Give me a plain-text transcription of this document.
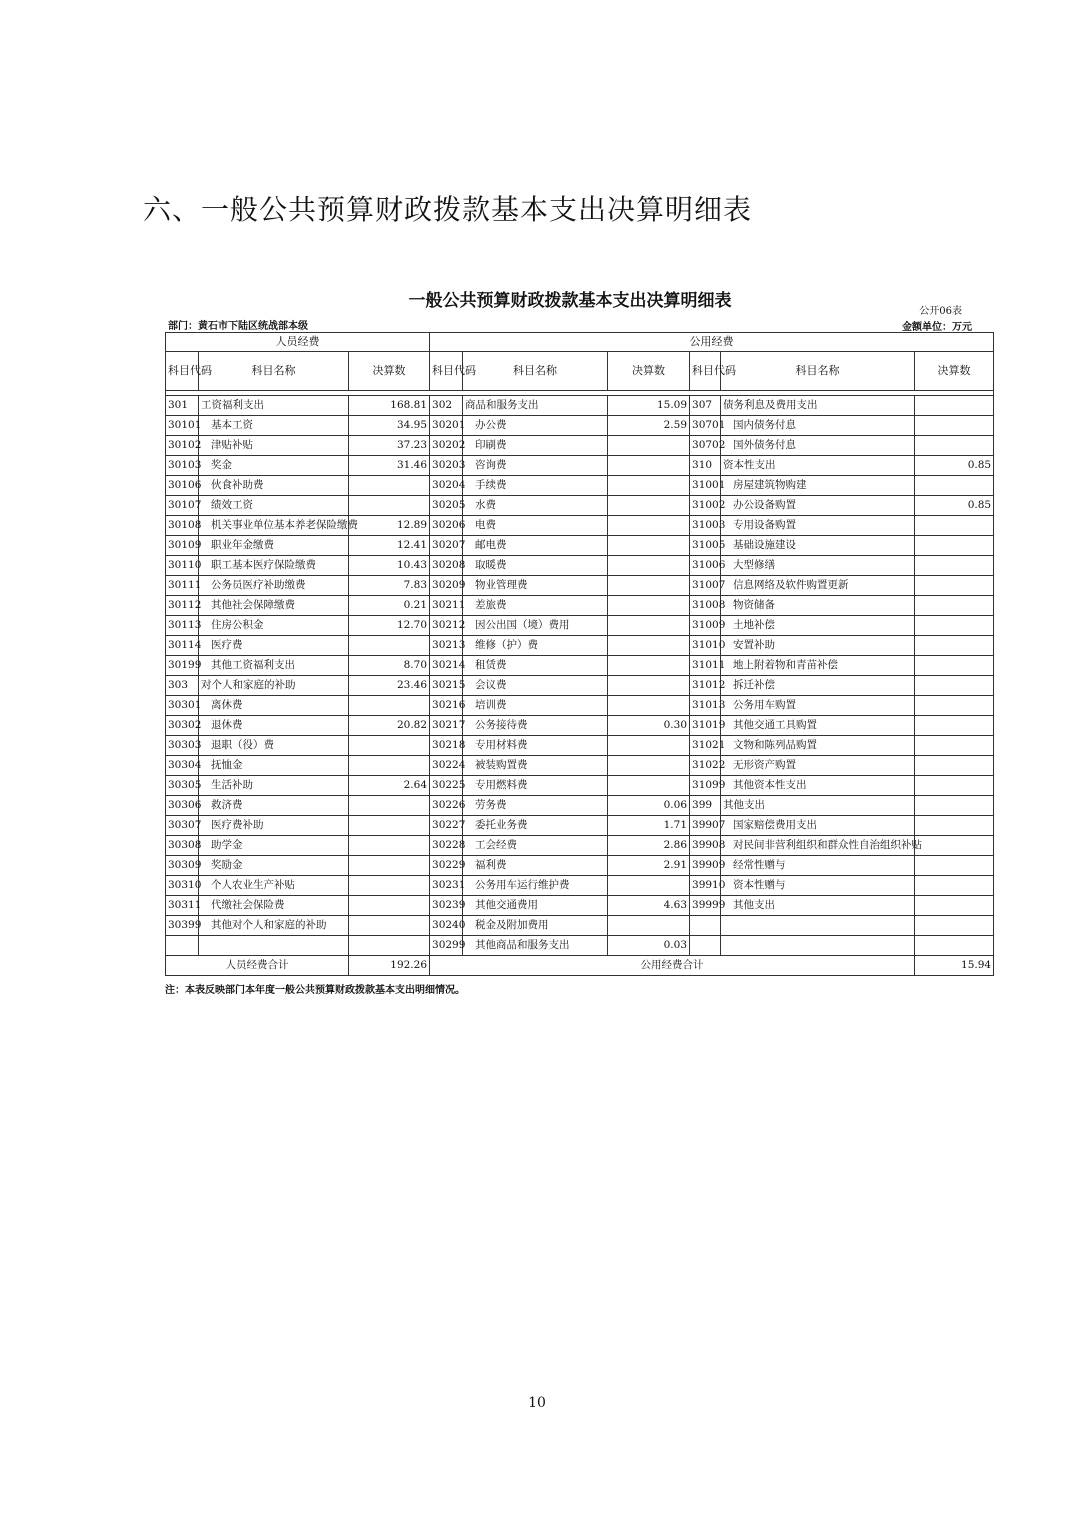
六、一般公共预算财政拨款基本支出决算明细表
一般公共预算财政拨款基本支出决算明细表
公开06表
部门：黄石市下陆区统战部本级	金额单位：万元
人员经费			公用经费					
科目代码	科目名称	决算数	科目代码	科目名称	决算数	科目代码	科目名称	决算数

301	工资福利支出	168.81	302	商品和服务支出	15.09	307	债务利息及费用支出	
30101	基本工资	34.95	30201	办公费	2.59	30701	国内债务付息	
30102	津贴补贴	37.23	30202	印刷费		30702	国外债务付息	
30103	奖金	31.46	30203	咨询费		310	资本性支出	0.85
30106	伙食补助费		30204	手续费		31001	房屋建筑物购建	
30107	绩效工资		30205	水费		31002	办公设备购置	0.85
30108	机关事业单位基本养老保险缴费	12.89	30206	电费		31003	专用设备购置	
30109	职业年金缴费	12.41	30207	邮电费		31005	基础设施建设	
30110	职工基本医疗保险缴费	10.43	30208	取暖费		31006	大型修缮	
30111	公务员医疗补助缴费	7.83	30209	物业管理费		31007	信息网络及软件购置更新	
30112	其他社会保障缴费	0.21	30211	差旅费		31008	物资储备	
30113	住房公积金	12.70	30212	因公出国（境）费用		31009	土地补偿	
30114	医疗费		30213	维修（护）费		31010	安置补助	
30199	其他工资福利支出	8.70	30214	租赁费		31011	地上附着物和青苗补偿	
303	对个人和家庭的补助	23.46	30215	会议费		31012	拆迁补偿	
30301	离休费		30216	培训费		31013	公务用车购置	
30302	退休费	20.82	30217	公务接待费	0.30	31019	其他交通工具购置	
30303	退职（役）费		30218	专用材料费		31021	文物和陈列品购置	
30304	抚恤金		30224	被装购置费		31022	无形资产购置	
30305	生活补助	2.64	30225	专用燃料费		31099	其他资本性支出	
30306	救济费		30226	劳务费	0.06	399	其他支出	
30307	医疗费补助		30227	委托业务费	1.71	39907	国家赔偿费用支出	
30308	助学金		30228	工会经费	2.86	39908	对民间非营利组织和群众性自治组织补贴	
30309	奖励金		30229	福利费	2.91	39909	经常性赠与	
30310	个人农业生产补贴		30231	公务用车运行维护费		39910	资本性赠与	
30311	代缴社会保险费		30239	其他交通费用	4.63	39999	其他支出	
30399	其他对个人和家庭的补助		30240	税金及附加费用				
			30299	其他商品和服务支出	0.03			
人员经费合计		192.26	公用经费合计					15.94
注：本表反映部门本年度一般公共预算财政拨款基本支出明细情况。
10
